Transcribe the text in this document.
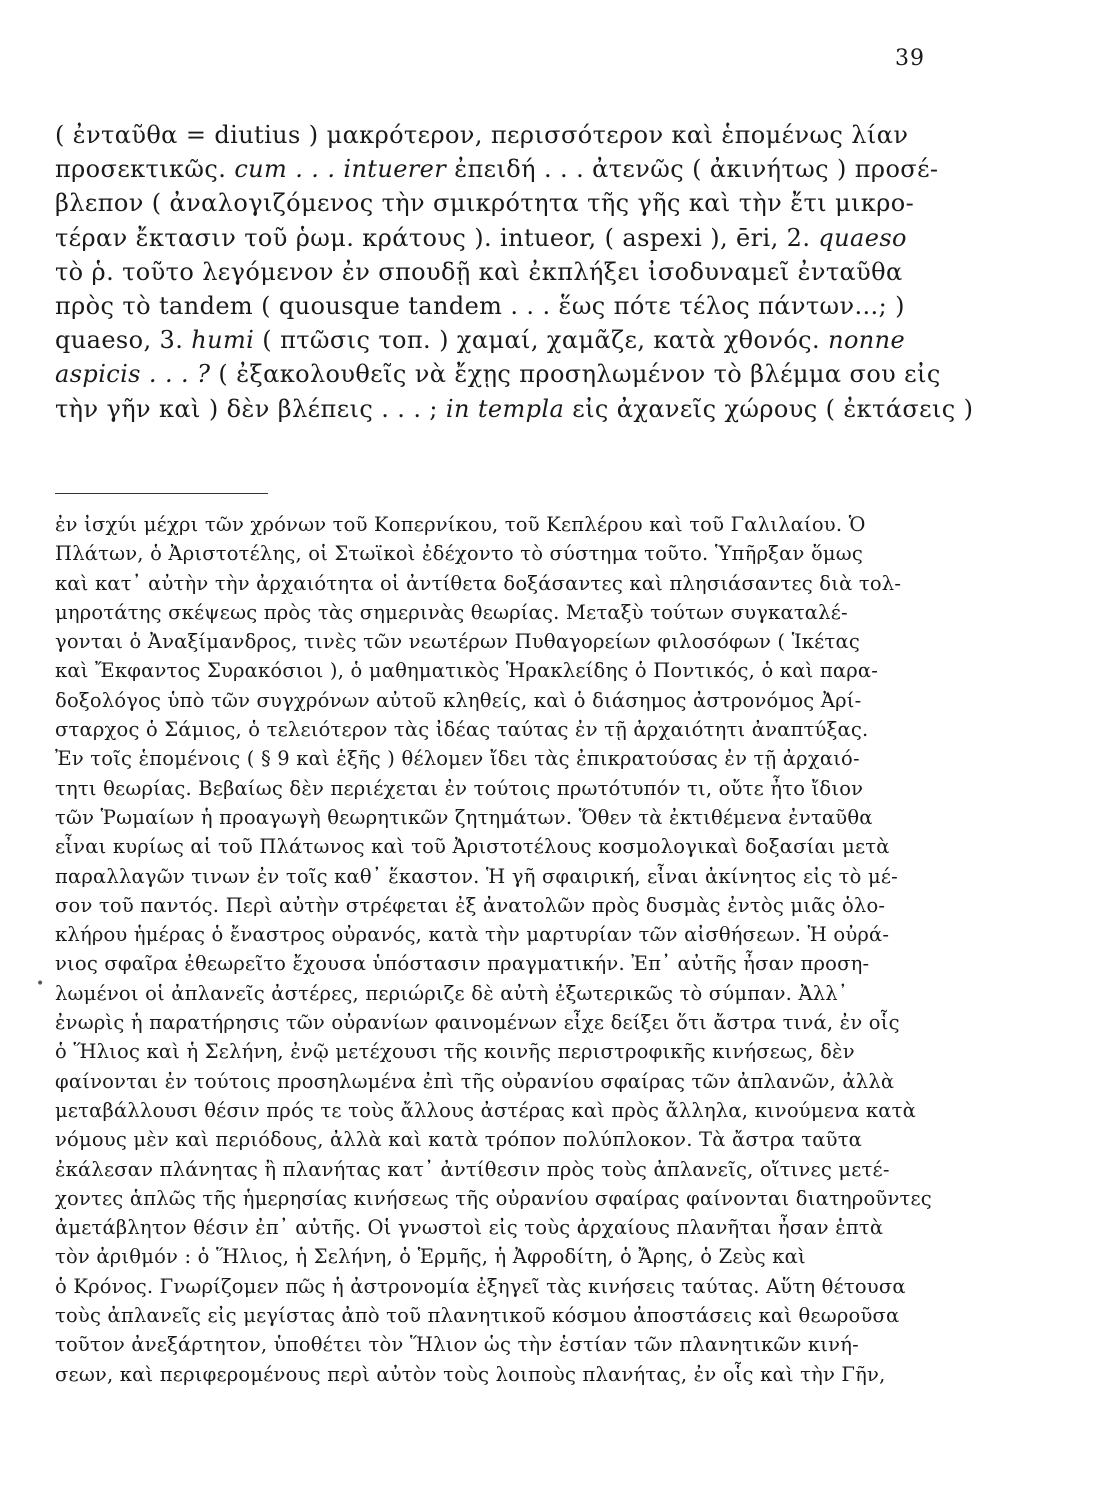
39
( ἐνταῦθα = diutius ) μακρότερον, περισσότερον καὶ ἑπομένως λίαν
προσεκτικῶς. cum . . . intuerer ἐπειδή . . . ἀτενῶς ( ἀκινήτως ) προσέ-
βλεπον ( ἀναλογιζόμενος τὴν σμικρότητα τῆς γῆς καὶ τὴν ἔτι μικρο-
τέραν ἔκτασιν τοῦ ῥωμ. κράτους ). intueor, ( aspexi ), ēri, 2. quaeso
τὸ ῥ. τοῦτο λεγόμενον ἐν σπουδῇ καὶ ἐκπλήξει ἰσοδυναμεῖ ἐνταῦθα
πρὸς τὸ tandem ( quousque tandem . . . ἕως πότε τέλος πάντων...; )
quaeso, 3. humi ( πτῶσις τοπ. ) χαμαί, χαμᾶζε, κατὰ χθονός. nonne
aspicis . . . ? ( ἐξακολουθεῖς νὰ ἔχῃς προσηλωμένον τὸ βλέμμα σου εἰς
τὴν γῆν καὶ ) δὲν βλέπεις . . . ; in templa εἰς ἀχανεῖς χώρους ( ἐκτάσεις )
ἐν ἰσχύι μέχρι τῶν χρόνων τοῦ Κοπερνίκου, τοῦ Κεπλέρου καὶ τοῦ Γαλιλαίου. Ὁ
Πλάτων, ὁ Ἀριστοτέλης, οἱ Στωϊκοὶ ἐδέχοντο τὸ σύστημα τοῦτο. Ὑπῆρξαν ὅμως
καὶ κατ᾽ αὐτὴν τὴν ἀρχαιότητα οἱ ἀντίθετα δοξάσαντες καὶ πλησιάσαντες διὰ τολ-
μηροτάτης σκέψεως πρὸς τὰς σημερινὰς θεωρίας. Μεταξὺ τούτων συγκαταλέ-
γονται ὁ Ἀναξίμανδρος, τινὲς τῶν νεωτέρων Πυθαγορείων φιλοσόφων ( Ἱκέτας
καὶ Ἔκφαντος Συρακόσιοι ), ὁ μαθηματικὸς Ἡρακλείδης ὁ Ποντικός, ὁ καὶ παρα-
δοξολόγος ὑπὸ τῶν συγχρόνων αὐτοῦ κληθείς, καὶ ὁ διάσημος ἀστρονόμος Ἀρί-
σταρχος ὁ Σάμιος, ὁ τελειότερον τὰς ἰδέας ταύτας ἐν τῇ ἀρχαιότητι ἀναπτύξας.
Ἐν τοῖς ἑπομένοις ( § 9 καὶ ἑξῆς ) θέλομεν ἴδει τὰς ἐπικρατούσας ἐν τῇ ἀρχαιό-
τητι θεωρίας. Βεβαίως δὲν περιέχεται ἐν τούτοις πρωτότυπόν τι, οὔτε ἦτο ἴδιον
τῶν Ῥωμαίων ἡ προαγωγὴ θεωρητικῶν ζητημάτων. Ὅθεν τὰ ἐκτιθέμενα ἐνταῦθα
εἶναι κυρίως αἱ τοῦ Πλάτωνος καὶ τοῦ Ἀριστοτέλους κοσμολογικαὶ δοξασίαι μετὰ
παραλλαγῶν τινων ἐν τοῖς καθ᾽ ἕκαστον. Ἡ γῆ σφαιρική, εἶναι ἀκίνητος εἰς τὸ μέ-
σον τοῦ παντός. Περὶ αὐτὴν στρέφεται ἐξ ἀνατολῶν πρὸς δυσμὰς ἐντὸς μιᾶς ὁλο-
κλήρου ἡμέρας ὁ ἔναστρος οὐρανός, κατὰ τὴν μαρτυρίαν τῶν αἰσθήσεων. Ἡ οὐρά-
νιος σφαῖρα ἐθεωρεῖτο ἔχουσα ὑπόστασιν πραγματικήν. Ἐπ᾽ αὐτῆς ἦσαν προση-
λωμένοι οἱ ἀπλανεῖς ἀστέρες, περιώριζε δὲ αὐτὴ ἐξωτερικῶς τὸ σύμπαν. Ἀλλ᾽
ἐνωρὶς ἡ παρατήρησις τῶν οὐρανίων φαινομένων εἶχε δείξει ὅτι ἄστρα τινά, ἐν οἷς
ὁ Ἥλιος καὶ ἡ Σελήνη, ἐνῷ μετέχουσι τῆς κοινῆς περιστροφικῆς κινήσεως, δὲν
φαίνονται ἐν τούτοις προσηλωμένα ἐπὶ τῆς οὐρανίου σφαίρας τῶν ἀπλανῶν, ἀλλὰ
μεταβάλλουσι θέσιν πρός τε τοὺς ἄλλους ἀστέρας καὶ πρὸς ἄλληλα, κινούμενα κατὰ
νόμους μὲν καὶ περιόδους, ἀλλὰ καὶ κατὰ τρόπον πολύπλοκον. Τὰ ἄστρα ταῦτα
ἐκάλεσαν πλάνητας ἢ πλανήτας κατ᾽ ἀντίθεσιν πρὸς τοὺς ἀπλανεῖς, οἵτινες μετέ-
χοντες ἁπλῶς τῆς ἡμερησίας κινήσεως τῆς οὐρανίου σφαίρας φαίνονται διατηροῦντες
ἀμετάβλητον θέσιν ἐπ᾽ αὐτῆς. Οἱ γνωστοὶ εἰς τοὺς ἀρχαίους πλανῆται ἦσαν ἑπτὰ
τὸν ἀριθμόν : ὁ Ἥλιος, ἡ Σελήνη, ὁ Ἑρμῆς, ἡ Ἀφροδίτη, ὁ Ἄρης, ὁ Ζεὺς καὶ
ὁ Κρόνος. Γνωρίζομεν πῶς ἡ ἀστρονομία ἐξηγεῖ τὰς κινήσεις ταύτας. Αὕτη θέτουσα
τοὺς ἀπλανεῖς εἰς μεγίστας ἀπὸ τοῦ πλανητικοῦ κόσμου ἀποστάσεις καὶ θεωροῦσα
τοῦτον ἀνεξάρτητον, ὑποθέτει τὸν Ἥλιον ὡς τὴν ἑστίαν τῶν πλανητικῶν κινή-
σεων, καὶ περιφερομένους περὶ αὐτὸν τοὺς λοιποὺς πλανήτας, ἐν οἷς καὶ τὴν Γῆν,
•
